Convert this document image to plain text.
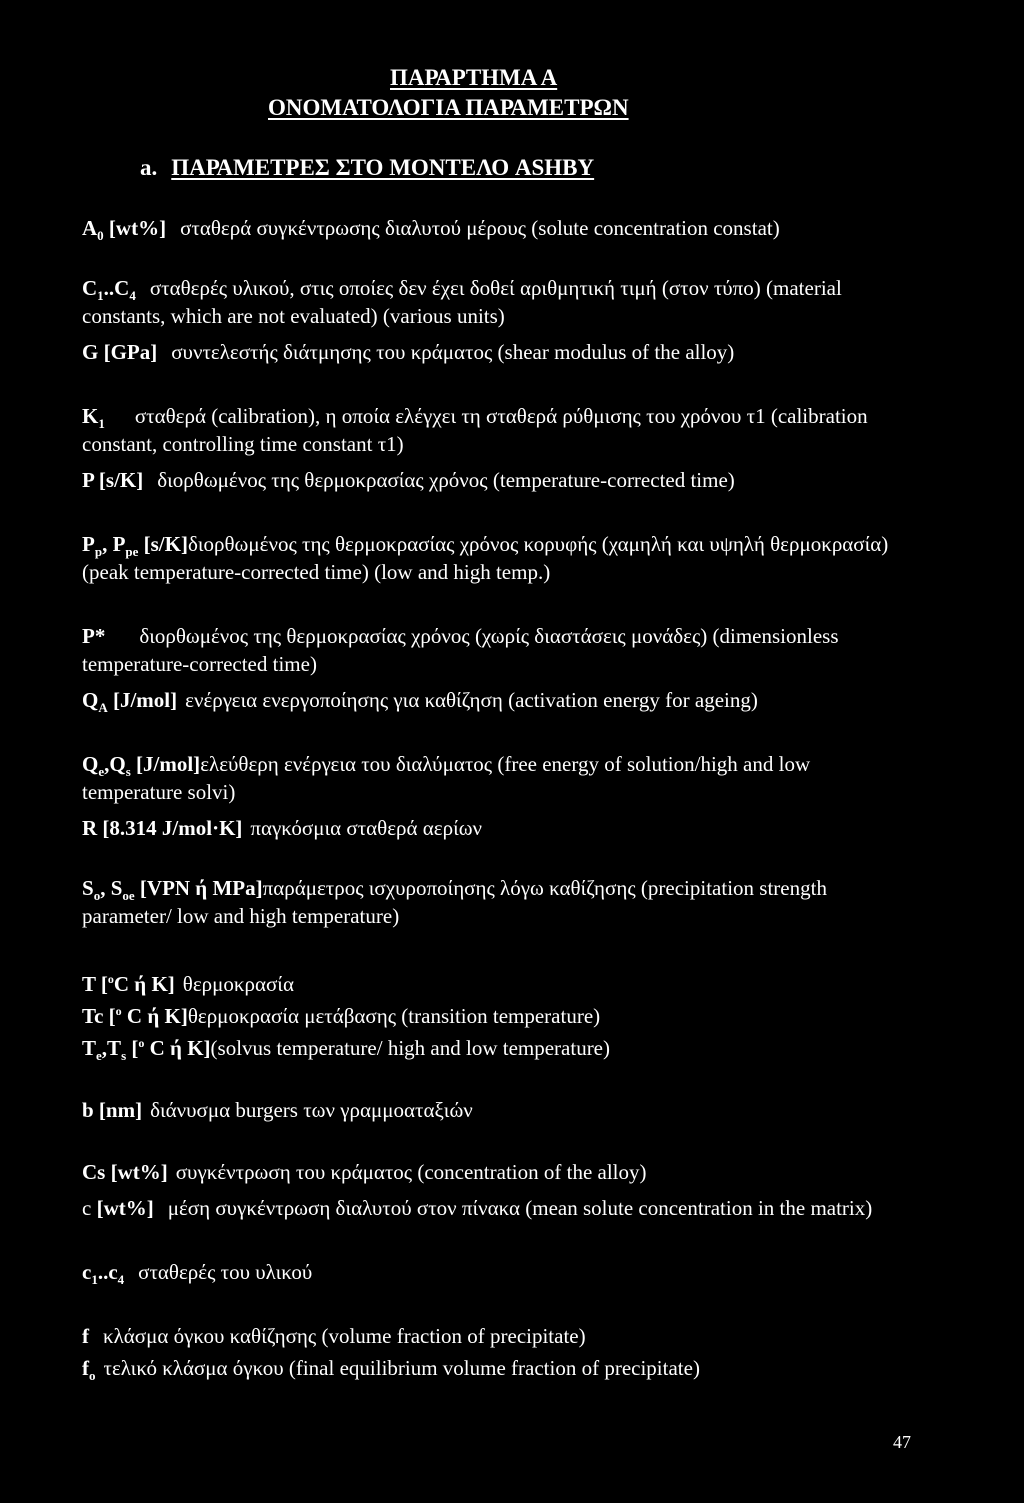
ΠΑΡΑΡΤΗΜΑ Α
ΟΝΟΜΑΤΟΛΟΓΙΑ ΠΑΡΑΜΕΤΡΩΝ
a. ΠΑΡΑΜΕΤΡΕΣ ΣΤΟ ΜΟΝΤΕΛΟ ASHBY
$A_0$ [wt%] σταθερά συγκέντρωσης διαλυτού μέρους (solute concentration constat)
$C_1..C_4$ σταθερές υλικού, στις οποίες δεν έχει δοθεί αριθμητική τιμή (στον τύπο) (material constants, which are not evaluated) (various units)
G [GPa] συντελεστής διάτμησης του κράματος (shear modulus of the alloy)
$K_1$ σταθερά (calibration), η οποία ελέγχει τη σταθερά ρύθμισης του χρόνου τ1 (calibration constant, controlling time constant τ1)
P [s/K] διορθωμένος της θερμοκρασίας χρόνος (temperature-corrected time)
$P_p$, $P_{pe}$ [s/K]διορθωμένος της θερμοκρασίας χρόνος κορυφής (χαμηλή και υψηλή θερμοκρασία) (peak temperature-corrected time) (low and high temp.)
P* διορθωμένος της θερμοκρασίας χρόνος (χωρίς διαστάσεις μονάδες) (dimensionless temperature-corrected time)
$Q_A$ [J/mol] ενέργεια ενεργοποίησης για καθίζηση (activation energy for ageing)
$Q_e,Q_s$ [J/mol]ελεύθερη ενέργεια του διαλύματος (free energy of solution/high and low temperature solvi)
R [8.314 J/mol·K] παγκόσμια σταθερά αερίων
$S_o$, $S_{oe}$ [VPN ή MPa]παράμετρος ισχυροποίησης λόγω καθίζησης (precipitation strength parameter/ low and high temperature)
T [$^o$C ή K] θερμοκρασία
Tc [$^o$ C ή K]θερμοκρασία μετάβασης (transition temperature)
$T_e,T_s$ [$^o$ C ή K](solvus temperature/ high and low temperature)
b [nm] διάνυσμα burgers των γραμμοαταξιών
Cs [wt%] συγκέντρωση του κράματος (concentration of the alloy)
c [wt%] μέση συγκέντρωση διαλυτού στον πίνακα (mean solute concentration in the matrix)
$c_1..c_4$ σταθερές του υλικού
f κλάσμα όγκου καθίζησης (volume fraction of precipitate)
$f_o$ τελικό κλάσμα όγκου (final equilibrium volume fraction of precipitate)
47
